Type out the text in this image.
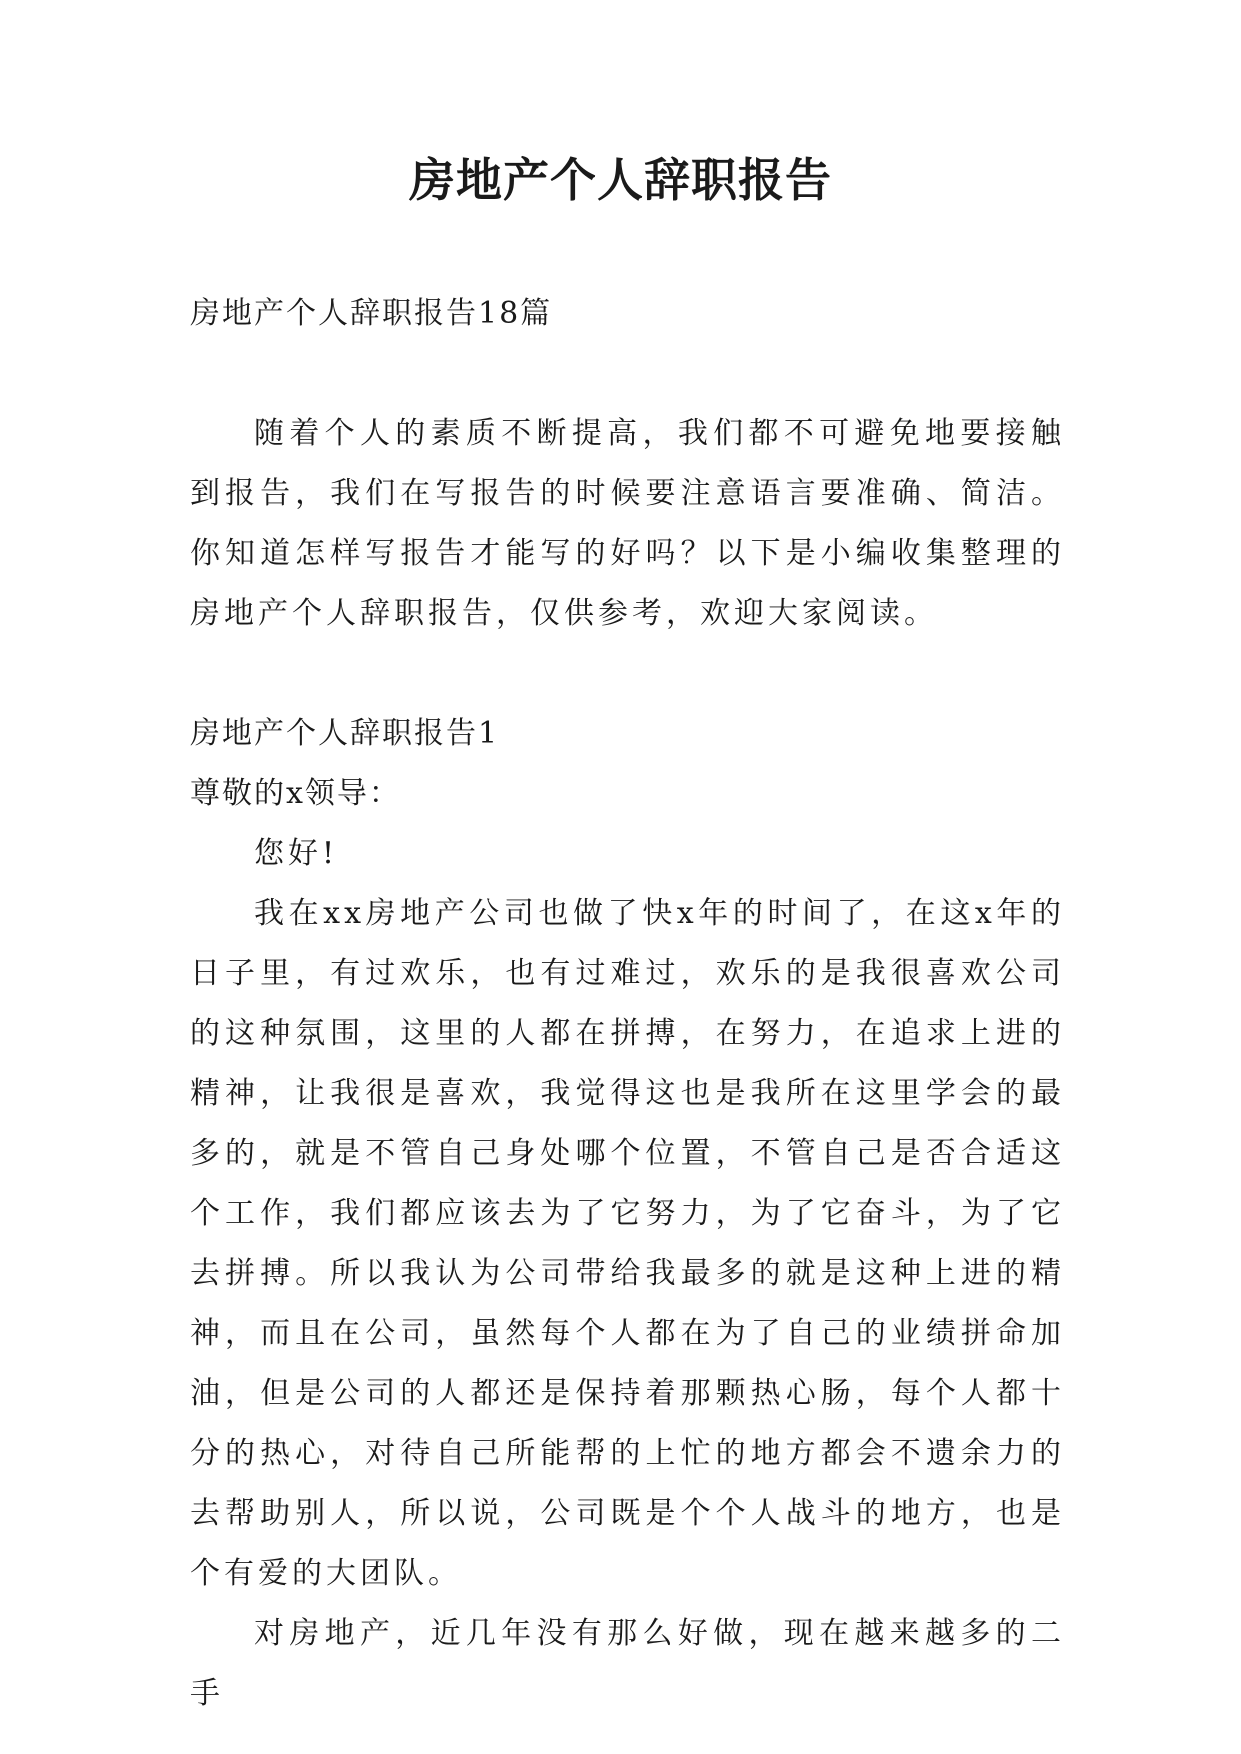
房地产个人辞职报告

房地产个人辞职报告18篇

随着个人的素质不断提高，我们都不可避免地要接触到报告，我们在写报告的时候要注意语言要准确、简洁。你知道怎样写报告才能写的好吗？以下是小编收集整理的房地产个人辞职报告，仅供参考，欢迎大家阅读。

房地产个人辞职报告1

尊敬的x领导：

您好!

我在xx房地产公司也做了快x年的时间了，在这x年的日子里，有过欢乐，也有过难过，欢乐的是我很喜欢公司的这种氛围，这里的人都在拼搏，在努力，在追求上进的精神，让我很是喜欢，我觉得这也是我所在这里学会的最多的，就是不管自己身处哪个位置，不管自己是否合适这个工作，我们都应该去为了它努力，为了它奋斗，为了它去拼搏。所以我认为公司带给我最多的就是这种上进的精神，而且在公司，虽然每个人都在为了自己的业绩拼命加油，但是公司的人都还是保持着那颗热心肠，每个人都十分的热心，对待自己所能帮的上忙的地方都会不遗余力的去帮助别人，所以说，公司既是个个人战斗的地方，也是个有爱的大团队。

对房地产，近几年没有那么好做，现在越来越多的二手
